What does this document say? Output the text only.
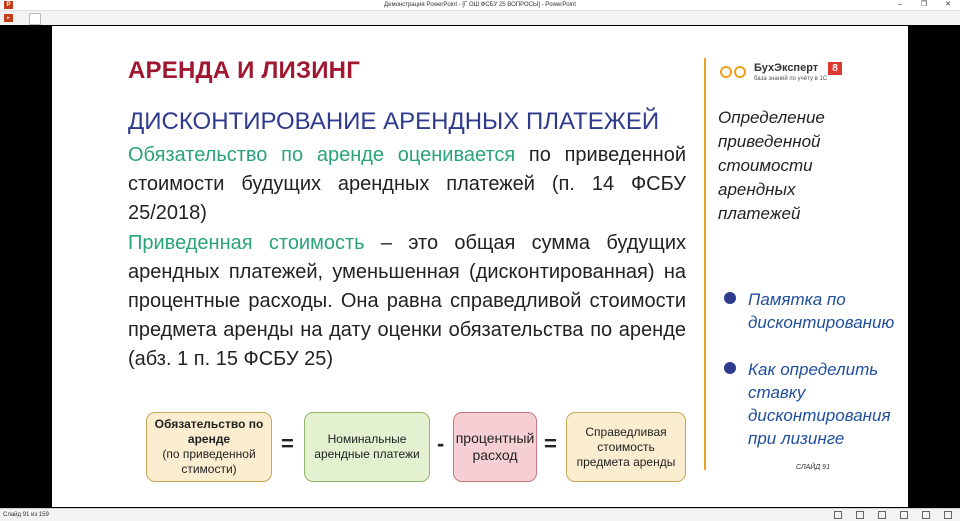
P	Демонстрация PowerPoint - [Г ОШ ФСБУ 25 ВОПРОСЫ] - PowerPoint	–	❐	✕
▸
АРЕНДА И ЛИЗИНГ
ДИСКОНТИРОВАНИЕ АРЕНДНЫХ ПЛАТЕЖЕЙ
Обязательство по аренде оценивается по приведенной стоимости будущих арендных платежей (п. 14 ФСБУ 25/2018)
Приведенная стоимость – это общая сумма будущих арендных платежей, уменьшенная (дисконтированная) на процентные расходы. Она равна справедливой стоимости предмета аренды на дату оценки обязательства по аренде (абз. 1 п. 15 ФСБУ 25)
Обязательство по аренде
(по приведенной стимости)
=	Номинальные арендные платежи - процентный расход	=	Справедливая стоимость предмета аренды
БухЭксперт	8
база знаний по учёту в 1С
Определение приведенной стоимости арендных платежей
Памятка по дисконтированию
Как определить ставку дисконтирования при лизинге
СЛАЙД 91
Слайд 91 из 159
